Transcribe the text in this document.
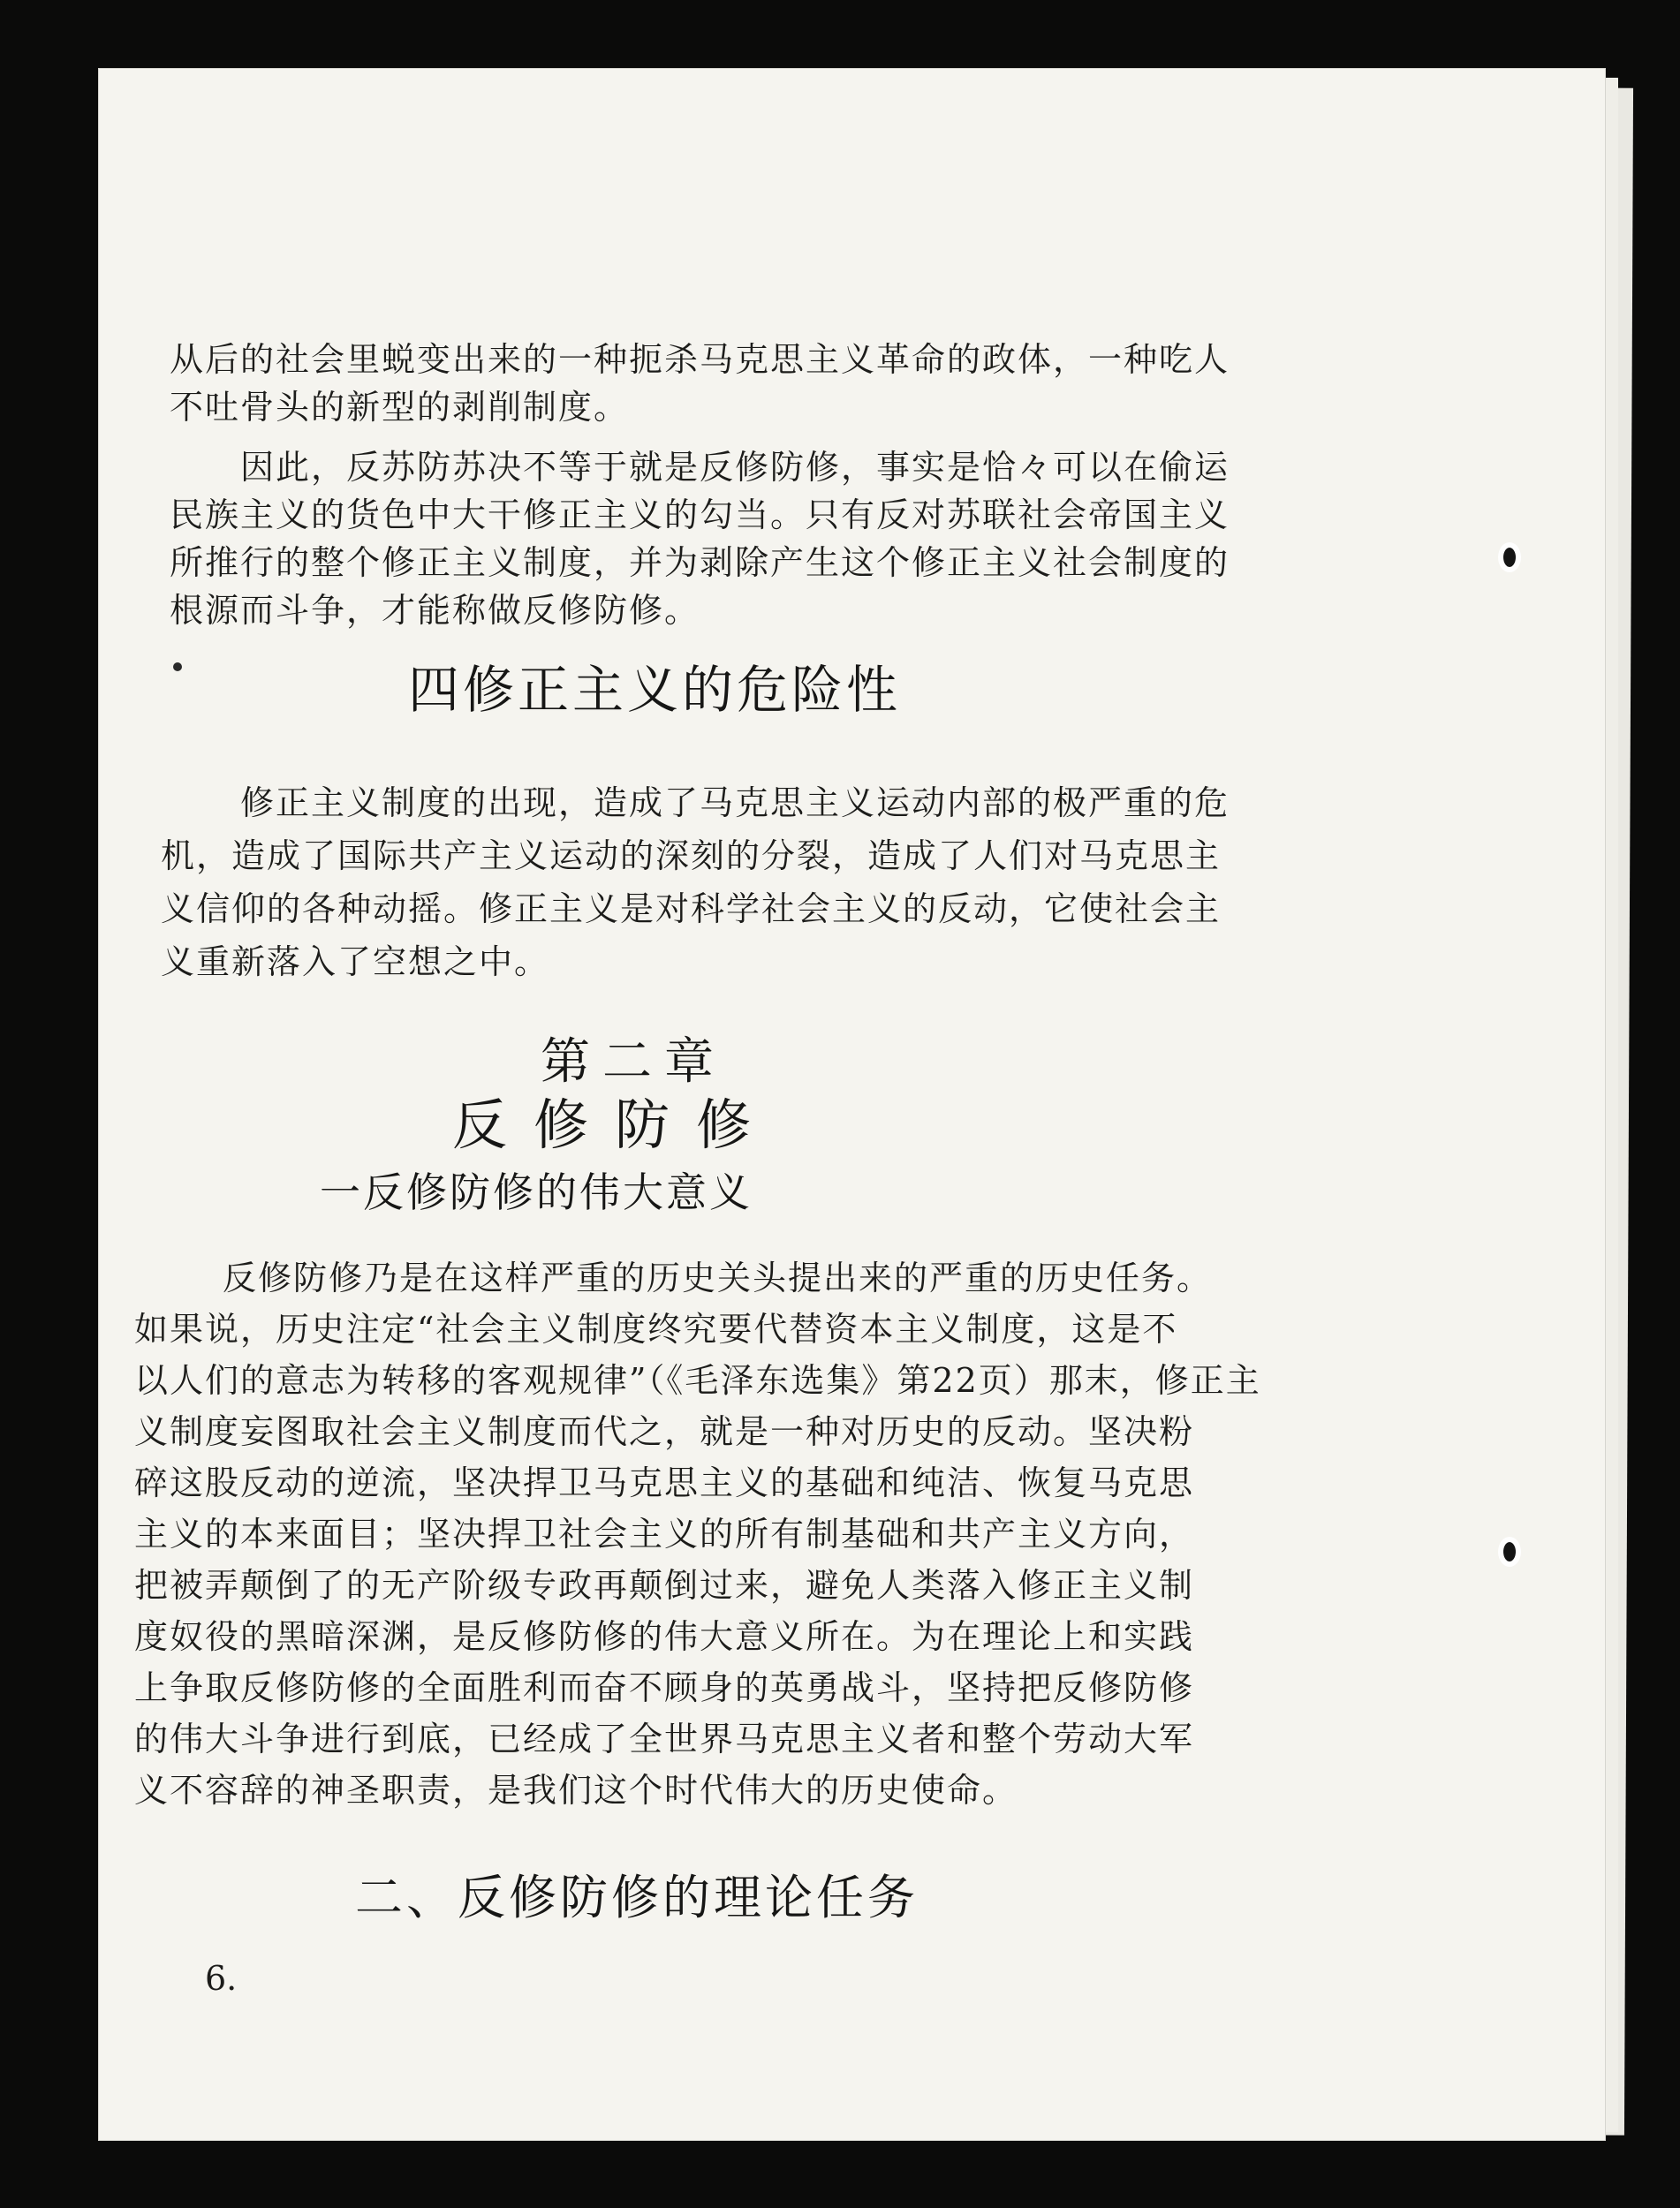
从后的社会里蜕变出来的一种扼杀马克思主义革命的政体，一种吃人
不吐骨头的新型的剥削制度。
因此，反苏防苏决不等于就是反修防修，事实是恰々可以在偷运
民族主义的货色中大干修正主义的勾当。只有反对苏联社会帝国主义
所推行的整个修正主义制度，并为剥除产生这个修正主义社会制度的
根源而斗争，才能称做反修防修。
四修正主义的危险性
修正主义制度的出现，造成了马克思主义运动内部的极严重的危
机，造成了国际共产主义运动的深刻的分裂，造成了人们对马克思主
义信仰的各种动摇。修正主义是对科学社会主义的反动，它使社会主
义重新落入了空想之中。
第二章
反修防修
一反修防修的伟大意义
反修防修乃是在这样严重的历史关头提出来的严重的历史任务。
如果说，历史注定“社会主义制度终究要代替资本主义制度，这是不
以人们的意志为转移的客观规律”（《毛泽东选集》第22页）那末，修正主
义制度妄图取社会主义制度而代之，就是一种对历史的反动。坚决粉
碎这股反动的逆流，坚决捍卫马克思主义的基础和纯洁、恢复马克思
主义的本来面目；坚决捍卫社会主义的所有制基础和共产主义方向，
把被弄颠倒了的无产阶级专政再颠倒过来，避免人类落入修正主义制
度奴役的黑暗深渊，是反修防修的伟大意义所在。为在理论上和实践
上争取反修防修的全面胜利而奋不顾身的英勇战斗，坚持把反修防修
的伟大斗争进行到底，已经成了全世界马克思主义者和整个劳动大军
义不容辞的神圣职责，是我们这个时代伟大的历史使命。
二、反修防修的理论任务
6.
